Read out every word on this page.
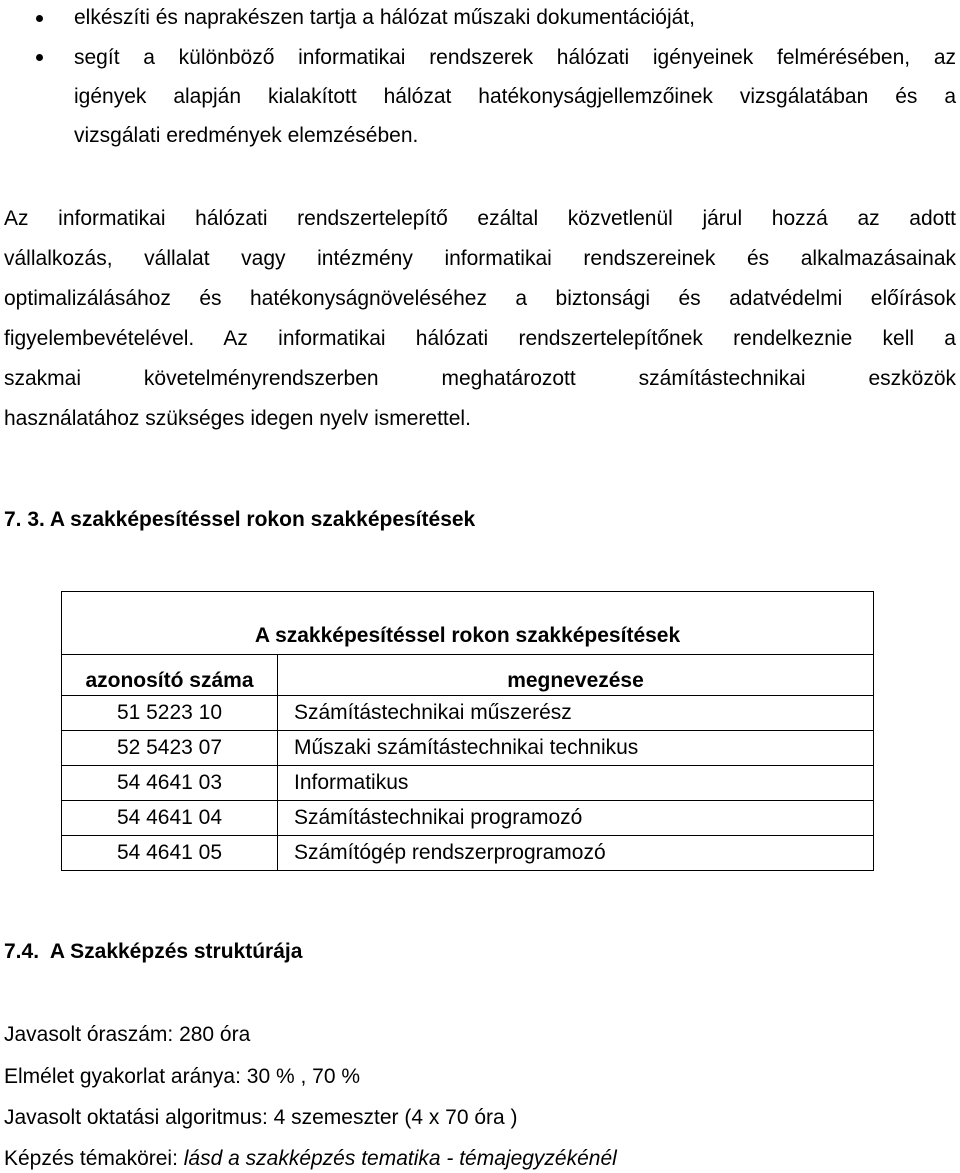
elkészíti és naprakészen tartja a hálózat műszaki dokumentációját,
segít a különböző informatikai rendszerek hálózati igényeinek felmérésében, az
igények alapján kialakított hálózat hatékonyságjellemzőinek vizsgálatában és a
vizsgálati eredmények elemzésében.
Az informatikai hálózati rendszertelepítő ezáltal közvetlenül járul hozzá az adott
vállalkozás, vállalat vagy intézmény informatikai rendszereinek és alkalmazásainak
optimalizálásához és hatékonyságnöveléséhez a biztonsági és adatvédelmi előírások
figyelembevételével. Az informatikai hálózati rendszertelepítőnek rendelkeznie kell a
szakmai követelményrendszerben meghatározott számítástechnikai eszközök
használatához szükséges idegen nyelv ismerettel.
7. 3. A szakképesítéssel rokon szakképesítések
A szakképesítéssel rokon szakképesítések	
azonosító száma	megnevezése
51 5223 10	Számítástechnikai műszerész
52 5423 07	Műszaki számítástechnikai technikus
54 4641 03	Informatikus
54 4641 04	Számítástechnikai programozó
54 4641 05	Számítógép rendszerprogramozó
7.4.  A Szakképzés struktúrája
Javasolt óraszám: 280 óra
Elmélet gyakorlat aránya: 30 % , 70 %
Javasolt oktatási algoritmus: 4 szemeszter (4 x 70 óra )
Képzés témakörei: lásd a szakképzés tematika - témajegyzékénél
